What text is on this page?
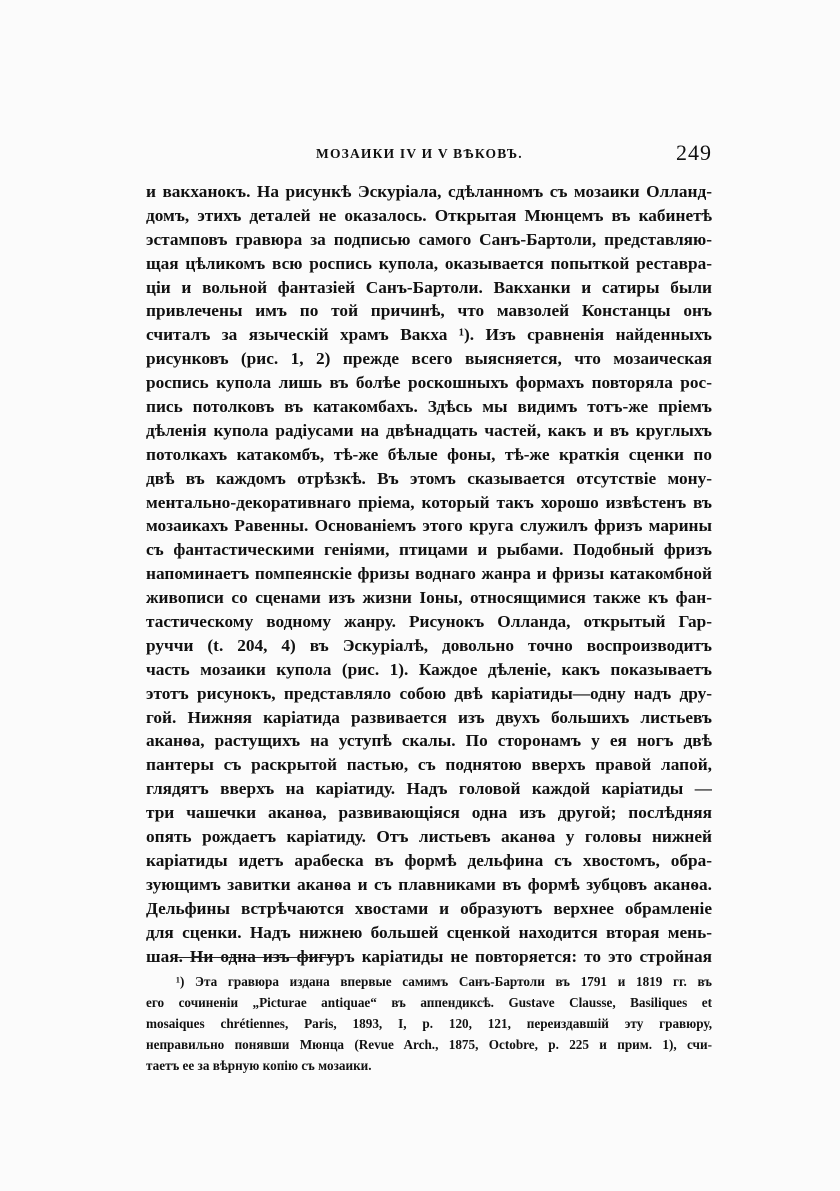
МОЗАИКИ IV И V ВѢКОВЪ.	249
и вакханокъ. На рисункѣ Эскуріала, сдѣланномъ съ мозаики Олланд-
домъ, этихъ деталей не оказалось. Открытая Мюнцемъ въ кабинетѣ
эстамповъ гравюра за подписью самого Санъ-Бартоли, представляю-
щая цѣликомъ всю роспись купола, оказывается попыткой реставра-
ціи и вольной фантазіей Санъ-Бартоли. Вакханки и сатиры были
привлечены имъ по той причинѣ, что мавзолей Констанцы онъ
считалъ за языческій храмъ Вакха ¹). Изъ сравненія найденныхъ
рисунковъ (рис. 1, 2) прежде всего выясняется, что мозаическая
роспись купола лишь въ болѣе роскошныхъ формахъ повторяла рос-
пись потолковъ въ катакомбахъ. Здѣсь мы видимъ тотъ-же пріемъ
дѣленія купола радіусами на двѣнадцать частей, какъ и въ круглыхъ
потолкахъ катакомбъ, тѣ-же бѣлые фоны, тѣ-же краткія сценки по
двѣ въ каждомъ отрѣзкѣ. Въ этомъ сказывается отсутствіе мону-
ментально-декоративнаго пріема, который такъ хорошо извѣстенъ въ
мозаикахъ Равенны. Основаніемъ этого круга служилъ фризъ марины
съ фантастическими геніями, птицами и рыбами. Подобный фризъ
напоминаетъ помпеянскіе фризы воднаго жанра и фризы катакомбной
живописи со сценами изъ жизни Іоны, относящимися также къ фан-
тастическому водному жанру. Рисунокъ Олланда, открытый Гар-
руччи (t. 204, 4) въ Эскуріалѣ, довольно точно воспроизводитъ
часть мозаики купола (рис. 1). Каждое дѣленіе, какъ показываетъ
этотъ рисунокъ, представляло собою двѣ каріатиды—одну надъ дру-
гой. Нижняя каріатида развивается изъ двухъ большихъ листьевъ
аканѳа, растущихъ на уступѣ скалы. По сторонамъ у ея ногъ двѣ
пантеры съ раскрытой пастью, съ поднятою вверхъ правой лапой,
глядятъ вверхъ на каріатиду. Надъ головой каждой каріатиды —
три чашечки аканѳа, развивающіяся одна изъ другой; послѣдняя
опять рождаетъ каріатиду. Отъ листьевъ аканѳа у головы нижней
каріатиды идетъ арабеска въ формѣ дельфина съ хвостомъ, обра-
зующимъ завитки аканѳа и съ плавниками въ формѣ зубцовъ аканѳа.
Дельфины встрѣчаются хвостами и образуютъ верхнее обрамленіе
для сценки. Надъ нижнею большей сценкой находится вторая мень-
шая. Ни одна изъ фигуръ каріатиды не повторяется: то это стройная
¹) Эта гравюра издана впервые самимъ Санъ-Бартоли въ 1791 и 1819 гг. въ
его сочиненіи „Picturae antiquae“ въ аппендиксѣ. Gustave Clausse, Basiliques et
mosaiques chrétiennes, Paris, 1893, I, p. 120, 121, переиздавшій эту гравюру,
неправильно понявши Мюнца (Revue Arch., 1875, Octobre, p. 225 и прим. 1), счи-
таетъ ее за вѣрную копію съ мозаики.
